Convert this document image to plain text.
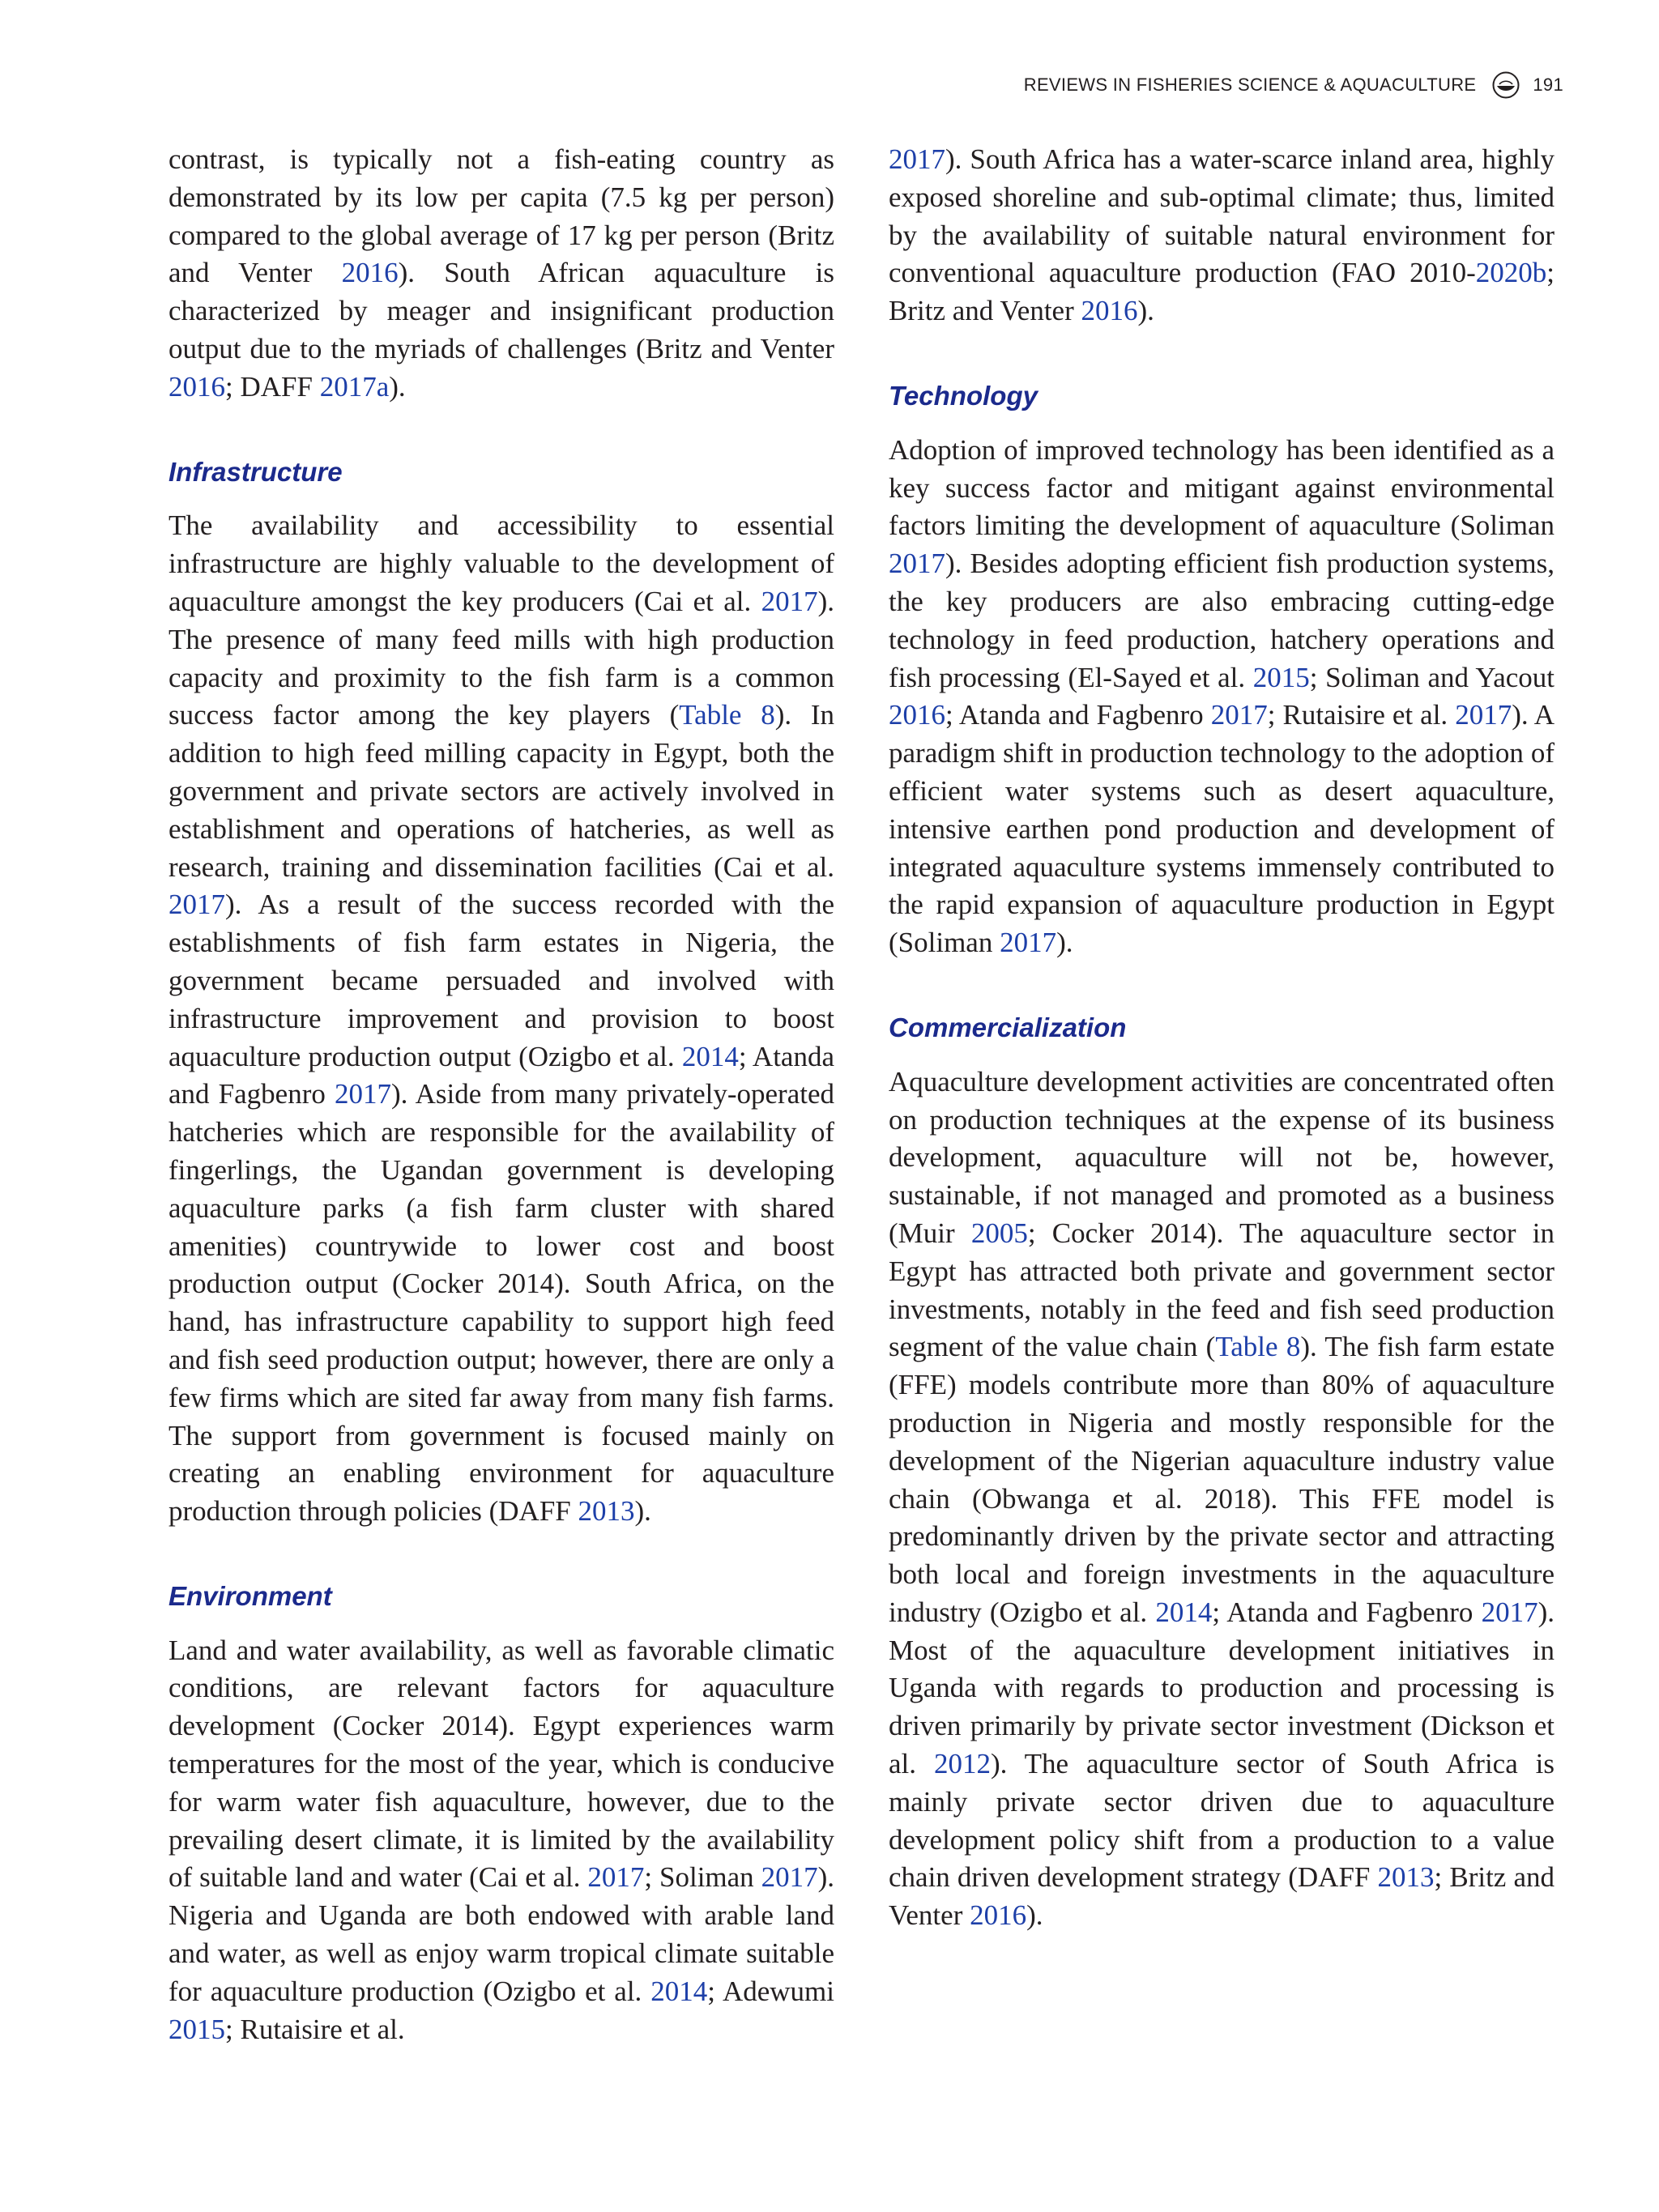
REVIEWS IN FISHERIES SCIENCE & AQUACULTURE	191

contrast, is typically not a fish-eating country as demonstrated by its low per capita (7.5 kg per person) compared to the global average of 17 kg per person (Britz and Venter 2016). South African aquaculture is characterized by meager and insignificant production output due to the myriads of challenges (Britz and Venter 2016; DAFF 2017a).

Infrastructure

The availability and accessibility to essential infrastructure are highly valuable to the development of aquaculture amongst the key producers (Cai et al. 2017). The presence of many feed mills with high production capacity and proximity to the fish farm is a common success factor among the key players (Table 8). In addition to high feed milling capacity in Egypt, both the government and private sectors are actively involved in establishment and operations of hatcheries, as well as research, training and dissemination facilities (Cai et al. 2017). As a result of the success recorded with the establishments of fish farm estates in Nigeria, the government became persuaded and involved with infrastructure improvement and provision to boost aquaculture production output (Ozigbo et al. 2014; Atanda and Fagbenro 2017). Aside from many privately-operated hatcheries which are responsible for the availability of fingerlings, the Ugandan government is developing aquaculture parks (a fish farm cluster with shared amenities) countrywide to lower cost and boost production output (Cocker 2014). South Africa, on the hand, has infrastructure capability to support high feed and fish seed production output; however, there are only a few firms which are sited far away from many fish farms. The support from government is focused mainly on creating an enabling environment for aquaculture production through policies (DAFF 2013).

Environment

Land and water availability, as well as favorable climatic conditions, are relevant factors for aquaculture development (Cocker 2014). Egypt experiences warm temperatures for the most of the year, which is conducive for warm water fish aquaculture, however, due to the prevailing desert climate, it is limited by the availability of suitable land and water (Cai et al. 2017; Soliman 2017). Nigeria and Uganda are both endowed with arable land and water, as well as enjoy warm tropical climate suitable for aquaculture production (Ozigbo et al. 2014; Adewumi 2015; Rutaisire et al.

2017). South Africa has a water-scarce inland area, highly exposed shoreline and sub-optimal climate; thus, limited by the availability of suitable natural environment for conventional aquaculture production (FAO 2010-2020b; Britz and Venter 2016).

Technology

Adoption of improved technology has been identified as a key success factor and mitigant against environmental factors limiting the development of aquaculture (Soliman 2017). Besides adopting efficient fish production systems, the key producers are also embracing cutting-edge technology in feed production, hatchery operations and fish processing (El-Sayed et al. 2015; Soliman and Yacout 2016; Atanda and Fagbenro 2017; Rutaisire et al. 2017). A paradigm shift in production technology to the adoption of efficient water systems such as desert aquaculture, intensive earthen pond production and development of integrated aquaculture systems immensely contributed to the rapid expansion of aquaculture production in Egypt (Soliman 2017).

Commercialization

Aquaculture development activities are concentrated often on production techniques at the expense of its business development, aquaculture will not be, however, sustainable, if not managed and promoted as a business (Muir 2005; Cocker 2014). The aquaculture sector in Egypt has attracted both private and government sector investments, notably in the feed and fish seed production segment of the value chain (Table 8). The fish farm estate (FFE) models contribute more than 80% of aquaculture production in Nigeria and mostly responsible for the development of the Nigerian aquaculture industry value chain (Obwanga et al. 2018). This FFE model is predominantly driven by the private sector and attracting both local and foreign investments in the aquaculture industry (Ozigbo et al. 2014; Atanda and Fagbenro 2017). Most of the aquaculture development initiatives in Uganda with regards to production and processing is driven primarily by private sector investment (Dickson et al. 2012). The aquaculture sector of South Africa is mainly private sector driven due to aquaculture development policy shift from a production to a value chain driven development strategy (DAFF 2013; Britz and Venter 2016).
